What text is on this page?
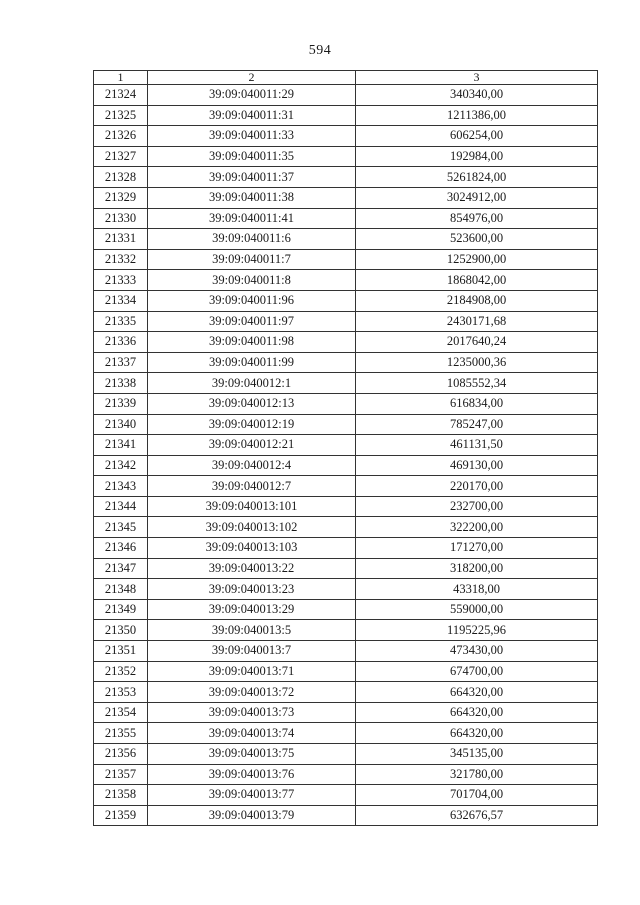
594
1	2	3
21324	39:09:040011:29	340340,00
21325	39:09:040011:31	1211386,00
21326	39:09:040011:33	606254,00
21327	39:09:040011:35	192984,00
21328	39:09:040011:37	5261824,00
21329	39:09:040011:38	3024912,00
21330	39:09:040011:41	854976,00
21331	39:09:040011:6	523600,00
21332	39:09:040011:7	1252900,00
21333	39:09:040011:8	1868042,00
21334	39:09:040011:96	2184908,00
21335	39:09:040011:97	2430171,68
21336	39:09:040011:98	2017640,24
21337	39:09:040011:99	1235000,36
21338	39:09:040012:1	1085552,34
21339	39:09:040012:13	616834,00
21340	39:09:040012:19	785247,00
21341	39:09:040012:21	461131,50
21342	39:09:040012:4	469130,00
21343	39:09:040012:7	220170,00
21344	39:09:040013:101	232700,00
21345	39:09:040013:102	322200,00
21346	39:09:040013:103	171270,00
21347	39:09:040013:22	318200,00
21348	39:09:040013:23	43318,00
21349	39:09:040013:29	559000,00
21350	39:09:040013:5	1195225,96
21351	39:09:040013:7	473430,00
21352	39:09:040013:71	674700,00
21353	39:09:040013:72	664320,00
21354	39:09:040013:73	664320,00
21355	39:09:040013:74	664320,00
21356	39:09:040013:75	345135,00
21357	39:09:040013:76	321780,00
21358	39:09:040013:77	701704,00
21359	39:09:040013:79	632676,57
